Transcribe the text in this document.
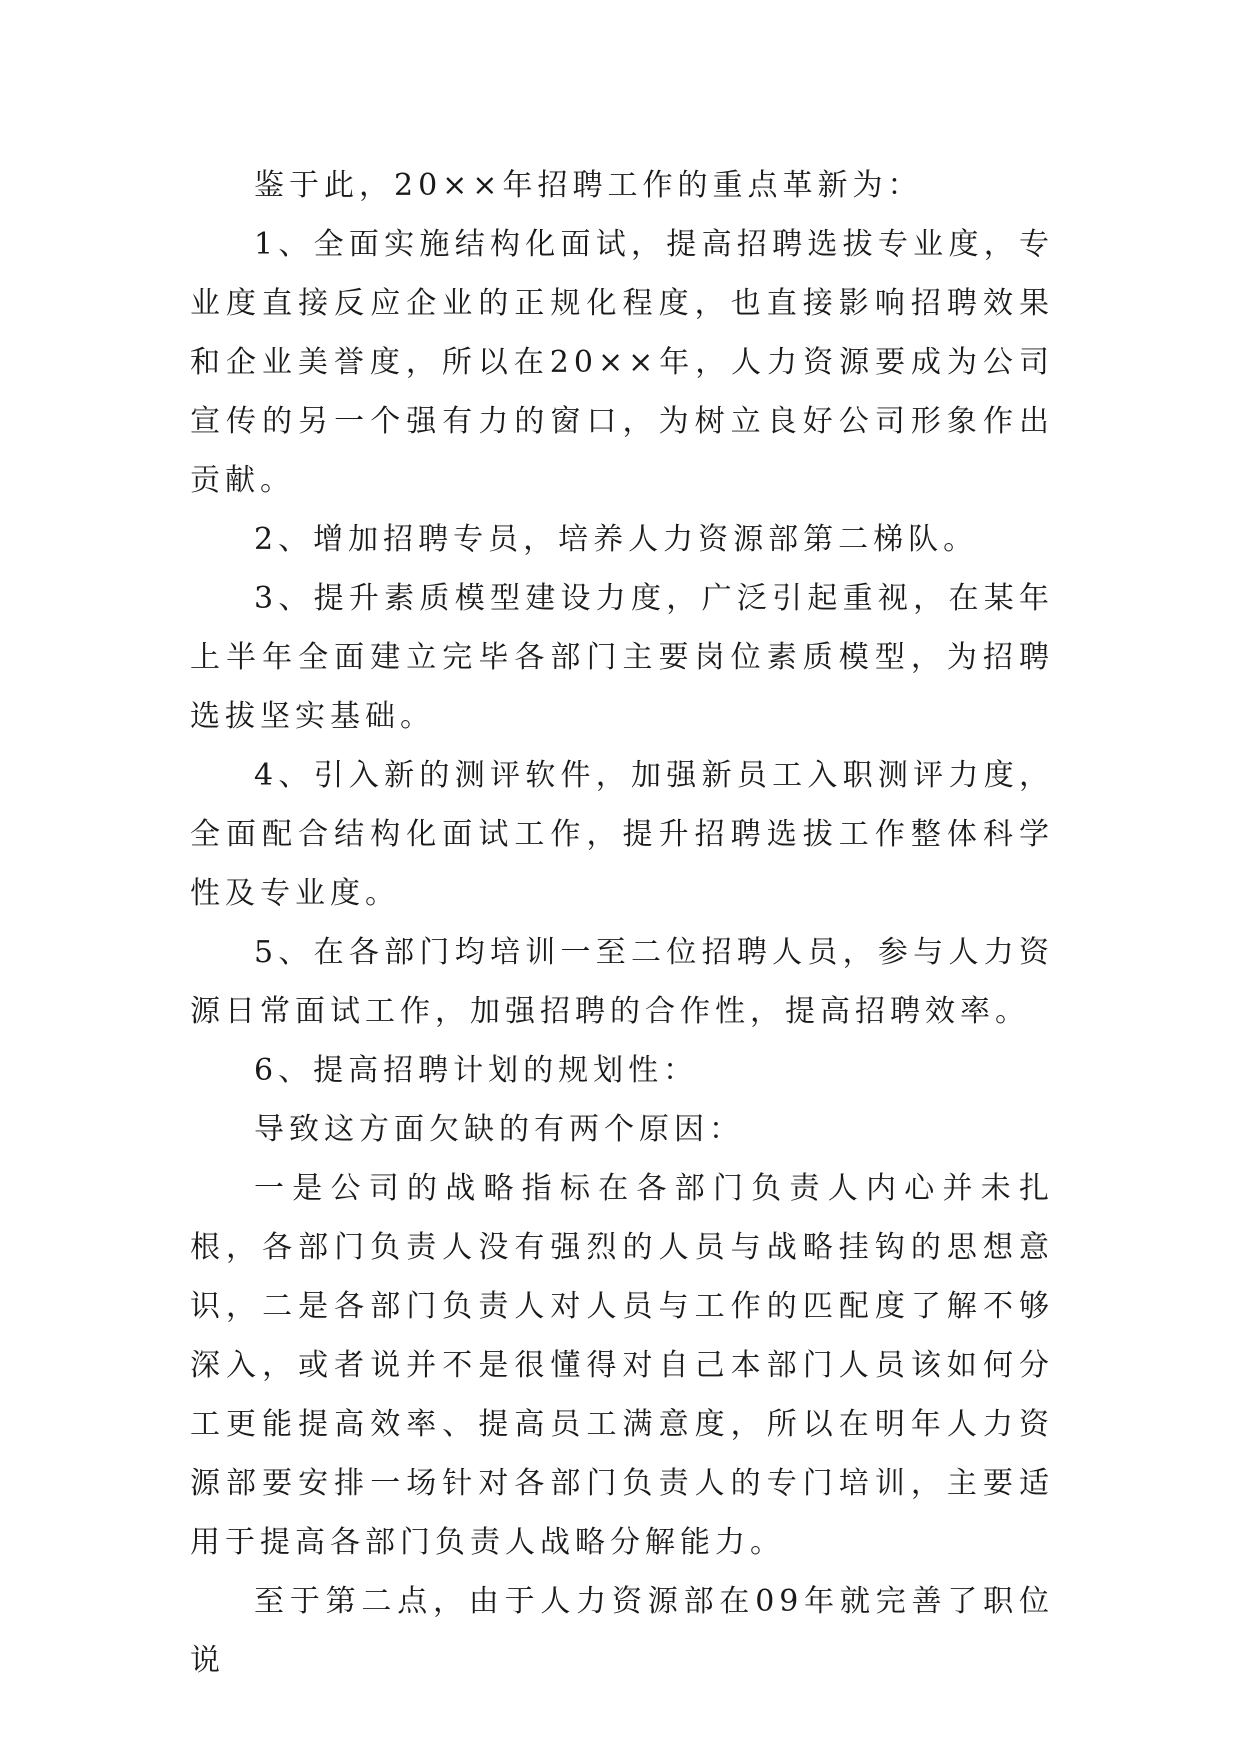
鉴于此，20××年招聘工作的重点革新为：

1、全面实施结构化面试，提高招聘选拔专业度，专业度直接反应企业的正规化程度，也直接影响招聘效果和企业美誉度，所以在20××年，人力资源要成为公司宣传的另一个强有力的窗口，为树立良好公司形象作出贡献。

2、增加招聘专员，培养人力资源部第二梯队。

3、提升素质模型建设力度，广泛引起重视，在某年上半年全面建立完毕各部门主要岗位素质模型，为招聘选拔坚实基础。

4、引入新的测评软件，加强新员工入职测评力度，全面配合结构化面试工作，提升招聘选拔工作整体科学性及专业度。

5、在各部门均培训一至二位招聘人员，参与人力资源日常面试工作，加强招聘的合作性，提高招聘效率。

6、提高招聘计划的规划性：

导致这方面欠缺的有两个原因：

一是公司的战略指标在各部门负责人内心并未扎根，各部门负责人没有强烈的人员与战略挂钩的思想意识，二是各部门负责人对人员与工作的匹配度了解不够深入，或者说并不是很懂得对自己本部门人员该如何分工更能提高效率、提高员工满意度，所以在明年人力资源部要安排一场针对各部门负责人的专门培训，主要适用于提高各部门负责人战略分解能力。

至于第二点，由于人力资源部在09年就完善了职位说
